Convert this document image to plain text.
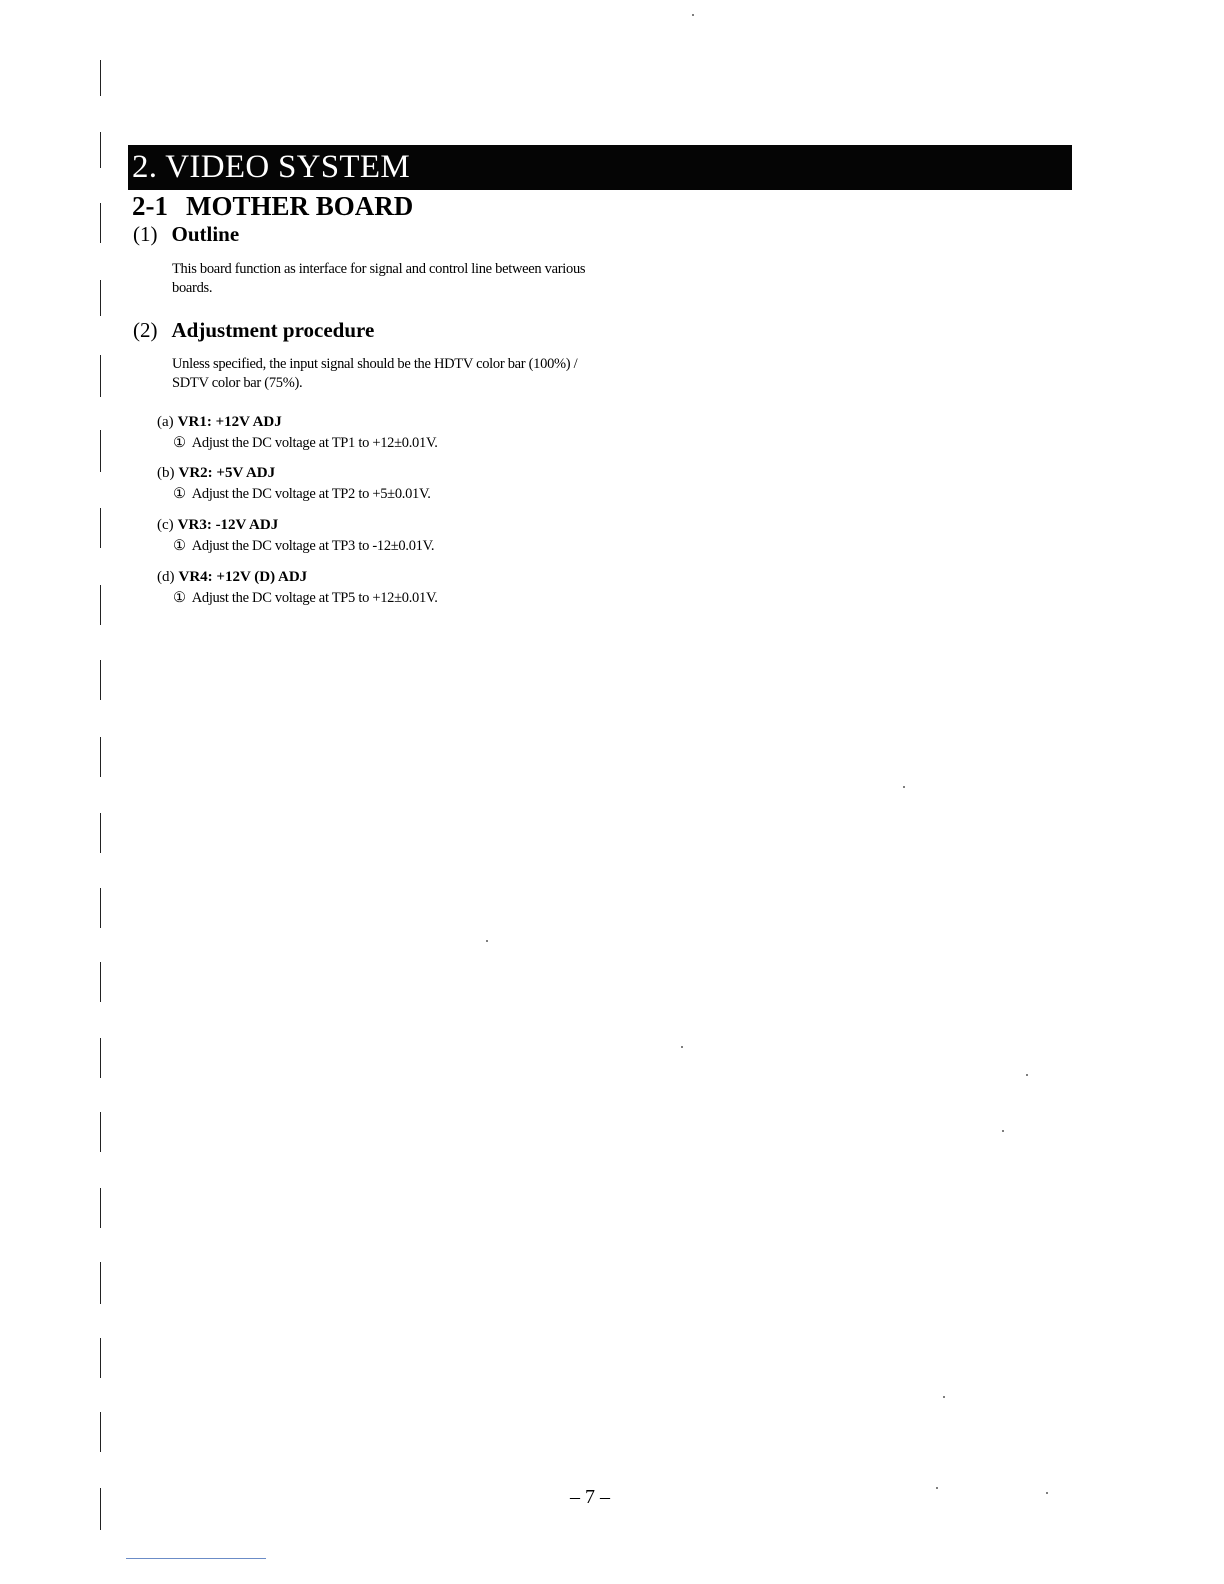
2. VIDEO SYSTEM
2-1 MOTHER BOARD
(1) Outline
This board function as interface for signal and control line between various boards.
(2) Adjustment procedure
Unless specified, the input signal should be the HDTV color bar (100%) / SDTV color bar (75%).
(a) VR1: +12V ADJ
① Adjust the DC voltage at TP1 to +12±0.01V.
(b) VR2: +5V ADJ
① Adjust the DC voltage at TP2 to +5±0.01V.
(c) VR3: -12V ADJ
① Adjust the DC voltage at TP3 to -12±0.01V.
(d) VR4: +12V (D) ADJ
① Adjust the DC voltage at TP5 to +12±0.01V.
– 7 –
